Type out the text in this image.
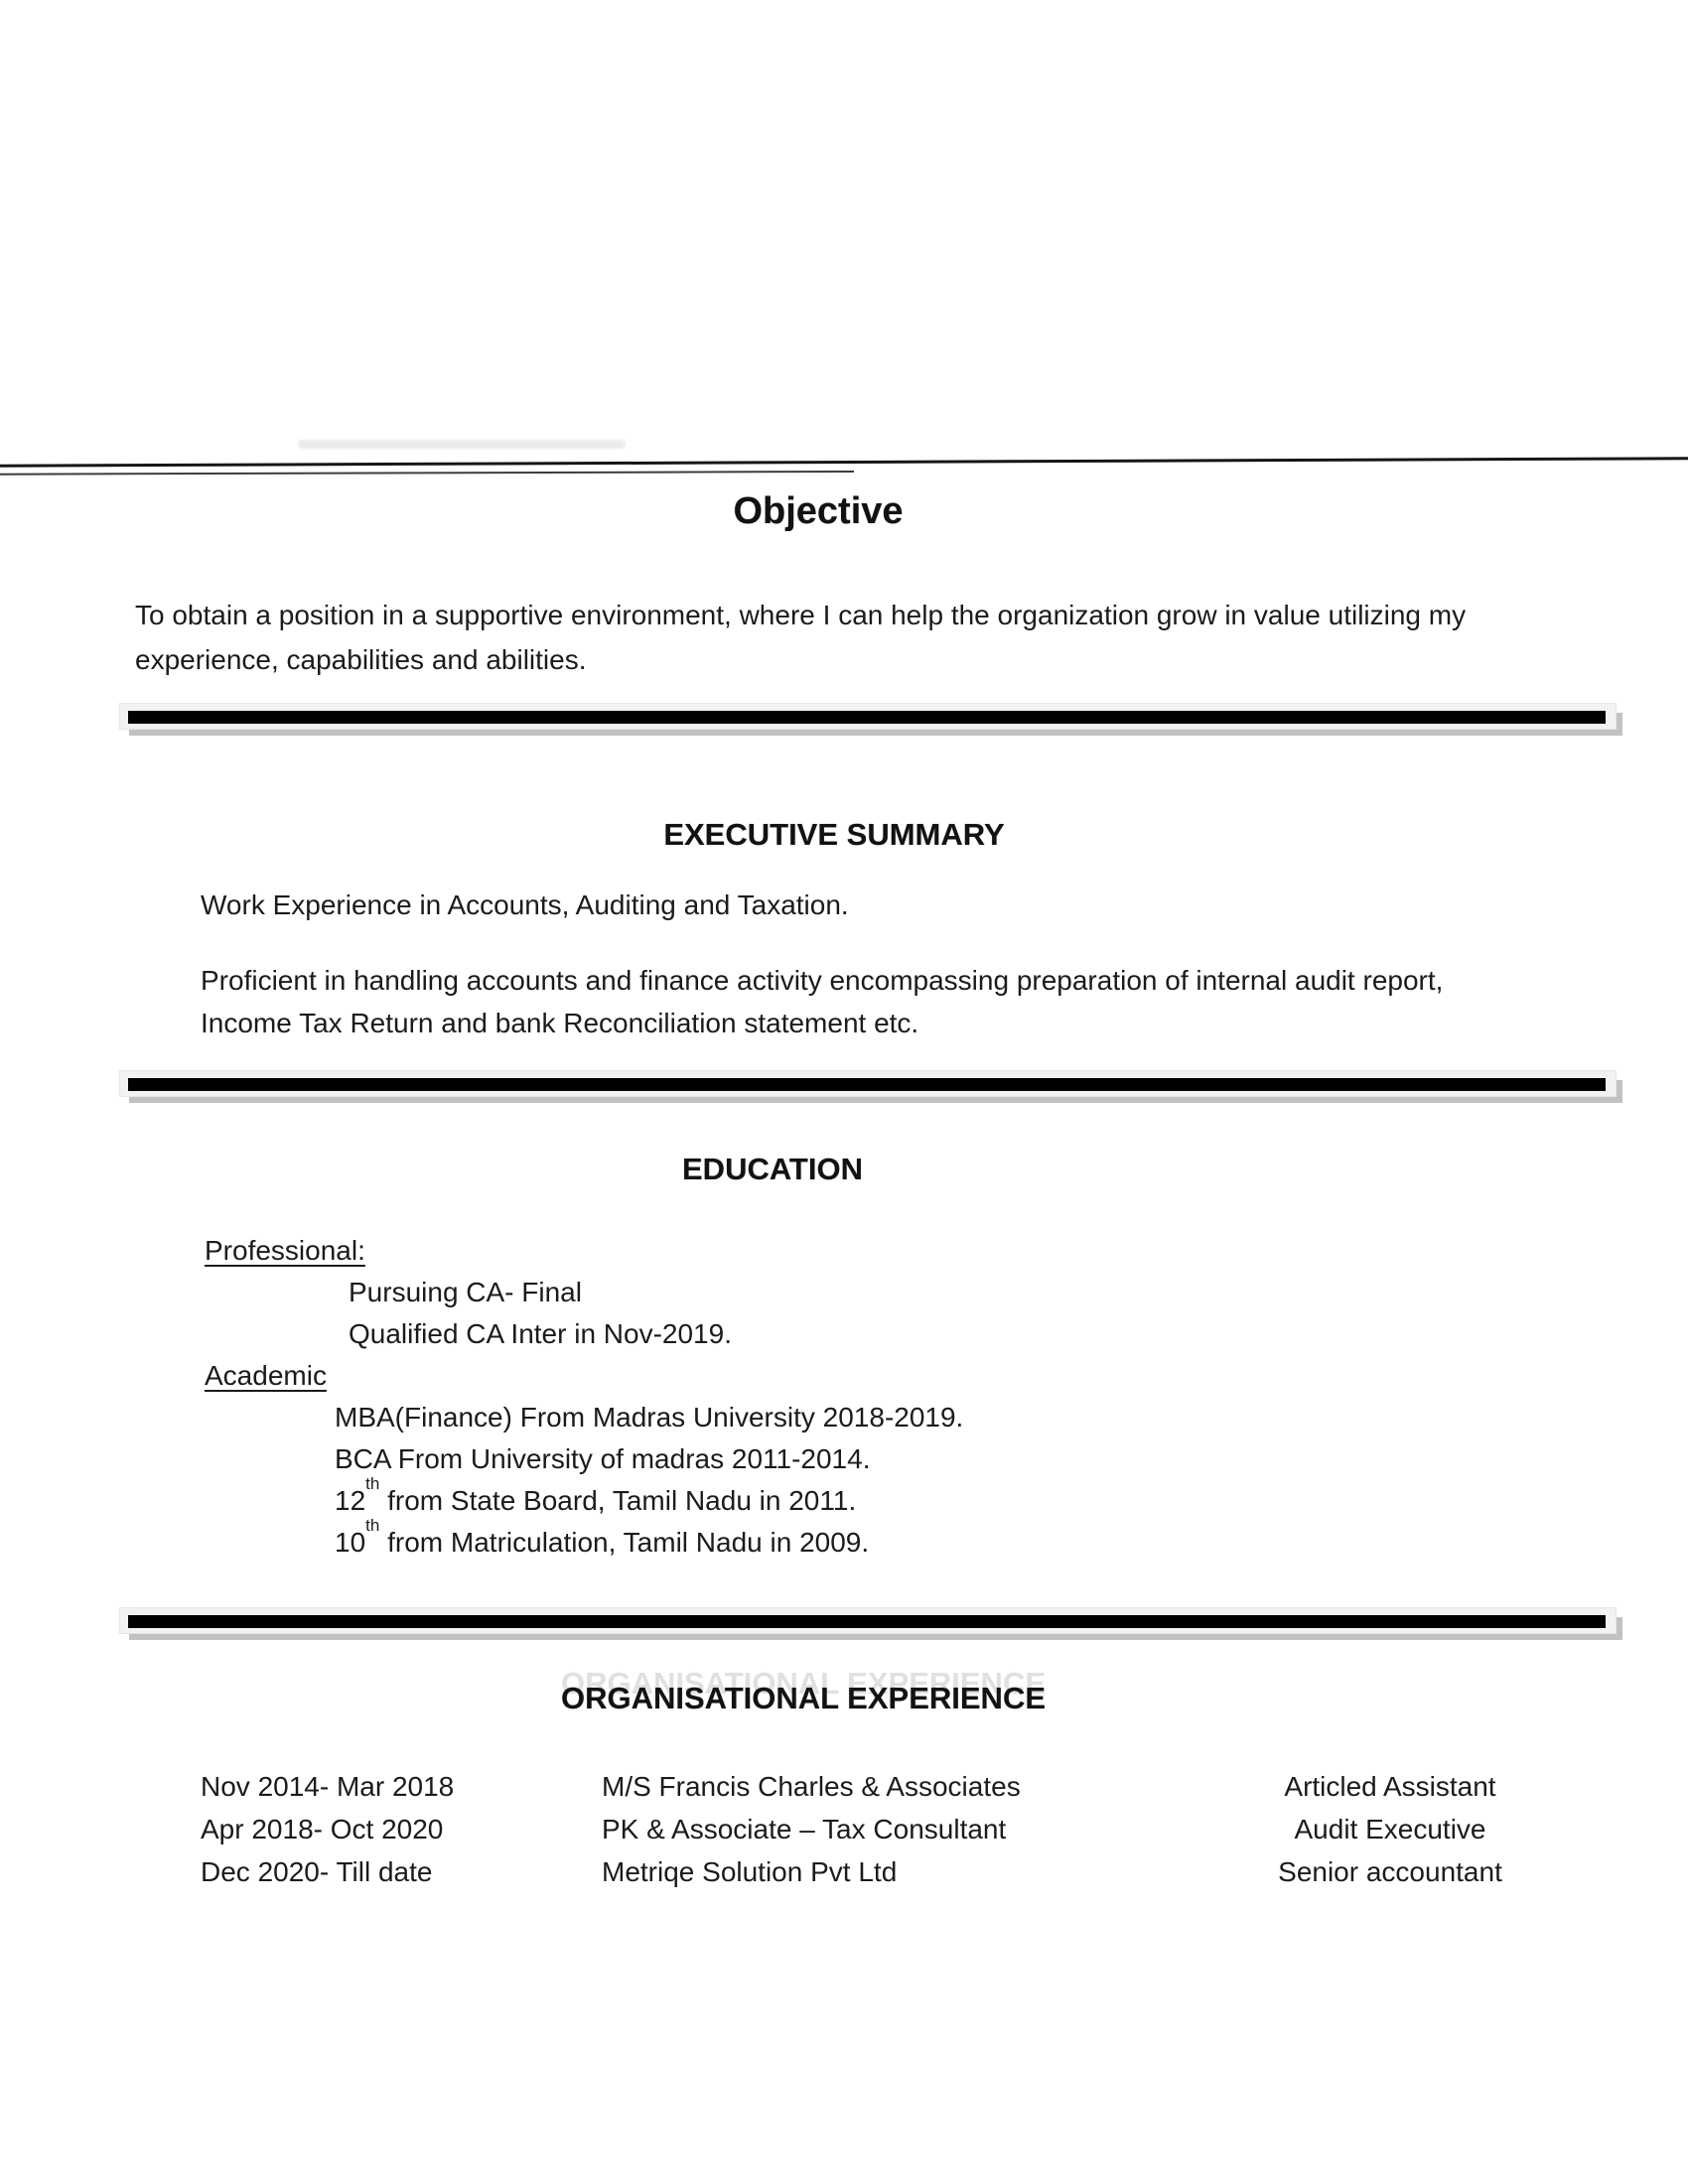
Objective
To obtain a position in a supportive environment, where I can help the organization grow in value utilizing my
experience, capabilities and abilities.
EXECUTIVE SUMMARY
Work Experience in Accounts, Auditing and Taxation.
Proficient in handling accounts and finance activity encompassing preparation of internal audit report,
Income Tax Return and bank Reconciliation statement etc.
EDUCATION
Professional:
Pursuing CA- Final
Qualified CA Inter in Nov-2019.
Academic
MBA(Finance) From Madras University 2018-2019.
BCA From University of madras 2011-2014.
12th from State Board, Tamil Nadu in 2011.
10th from Matriculation, Tamil Nadu in 2009.
ORGANISATIONAL EXPERIENCE
Nov 2014- Mar 2018	M/S Francis Charles & Associates	Articled Assistant
Apr 2018- Oct 2020	PK & Associate – Tax Consultant	Audit Executive
Dec 2020- Till date	Metriqe Solution Pvt Ltd	Senior accountant
